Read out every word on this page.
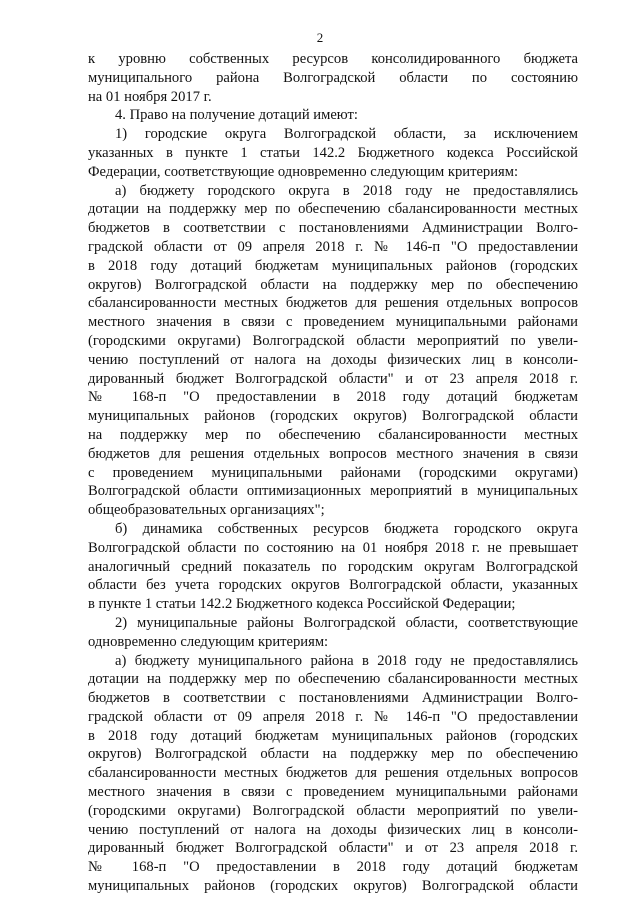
2
к уровню собственных ресурсов консолидированного бюджета
муниципального района Волгоградской области по состоянию
на 01 ноября 2017 г.
4. Право на получение дотаций имеют:
1) городские округа Волгоградской области, за исключением
указанных в пункте 1 статьи 142.2 Бюджетного кодекса Российской
Федерации, соответствующие одновременно следующим критериям:
а) бюджету городского округа в 2018 году не предоставлялись
дотации на поддержку мер по обеспечению сбалансированности местных
бюджетов в соответствии с постановлениями Администрации Волго-
градской области от 09 апреля 2018 г. № 146-п "О предоставлении
в 2018 году дотаций бюджетам муниципальных районов (городских
округов) Волгоградской области на поддержку мер по обеспечению
сбалансированности местных бюджетов для решения отдельных вопросов
местного значения в связи с проведением муниципальными районами
(городскими округами) Волгоградской области мероприятий по увели-
чению поступлений от налога на доходы физических лиц в консоли-
дированный бюджет Волгоградской области" и от 23 апреля 2018 г.
№ 168-п "О предоставлении в 2018 году дотаций бюджетам
муниципальных районов (городских округов) Волгоградской области
на поддержку мер по обеспечению сбалансированности местных
бюджетов для решения отдельных вопросов местного значения в связи
с проведением муниципальными районами (городскими округами)
Волгоградской области оптимизационных мероприятий в муниципальных
общеобразовательных организациях";
б) динамика собственных ресурсов бюджета городского округа
Волгоградской области по состоянию на 01 ноября 2018 г. не превышает
аналогичный средний показатель по городским округам Волгоградской
области без учета городских округов Волгоградской области, указанных
в пункте 1 статьи 142.2 Бюджетного кодекса Российской Федерации;
2) муниципальные районы Волгоградской области, соответствующие
одновременно следующим критериям:
а) бюджету муниципального района в 2018 году не предоставлялись
дотации на поддержку мер по обеспечению сбалансированности местных
бюджетов в соответствии с постановлениями Администрации Волго-
градской области от 09 апреля 2018 г. № 146-п "О предоставлении
в 2018 году дотаций бюджетам муниципальных районов (городских
округов) Волгоградской области на поддержку мер по обеспечению
сбалансированности местных бюджетов для решения отдельных вопросов
местного значения в связи с проведением муниципальными районами
(городскими округами) Волгоградской области мероприятий по увели-
чению поступлений от налога на доходы физических лиц в консоли-
дированный бюджет Волгоградской области" и от 23 апреля 2018 г.
№ 168-п "О предоставлении в 2018 году дотаций бюджетам
муниципальных районов (городских округов) Волгоградской области
